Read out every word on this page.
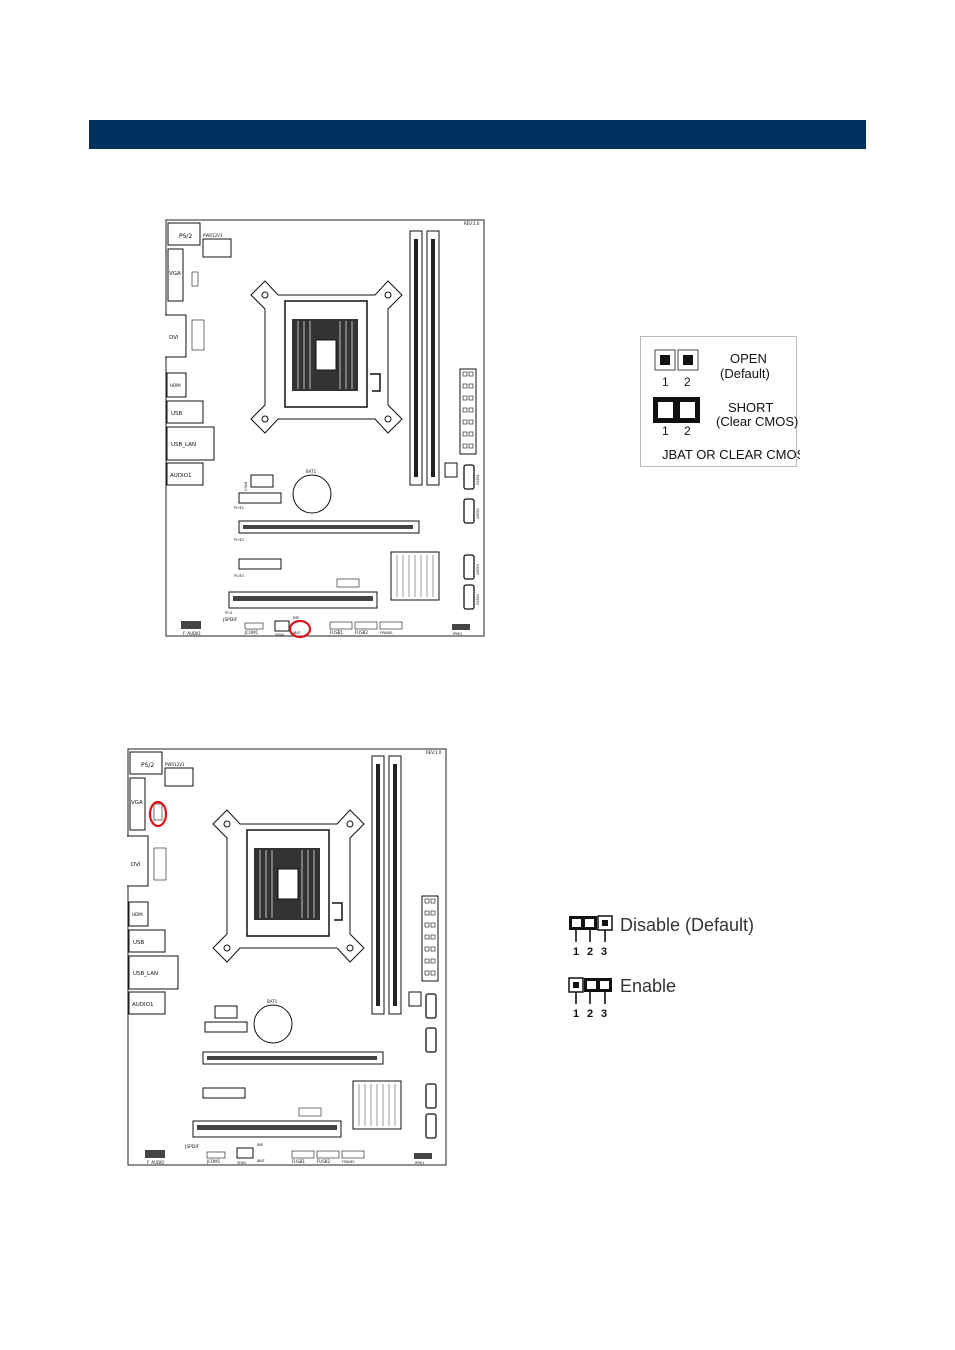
REV:1.0
PS/2	PWR12V1
VGA
DVI
HDMI
USB
USB_LAN
AUDIO1	SATA1
SATA2
SATA3
SATA4
CFAN
BAT1
PCIE1
PCIE2
PCIE3
PCI1
F_AUDIO
JSPDIF
JCOM1	SFAN
JME
JBAT	FUSB1	FUSB2	FPANEL	IPMI1
1 2
OPEN
(Default)
1 2
SHORT
(Clear CMOS)
JBAT OR CLEAR CMOS
REV:1.0
PS/2	PWR12V1
VGA
DVI
HDMI
USB
USB_LAN
AUDIO1
BAT1
F_AUDIO
JSPDIF
JCOM1	SFAN
JME
JBAT	FUSB1	FUSB2	FPANEL	IPMI1
1 2 3
Disable (Default)
1 2 3
Enable
